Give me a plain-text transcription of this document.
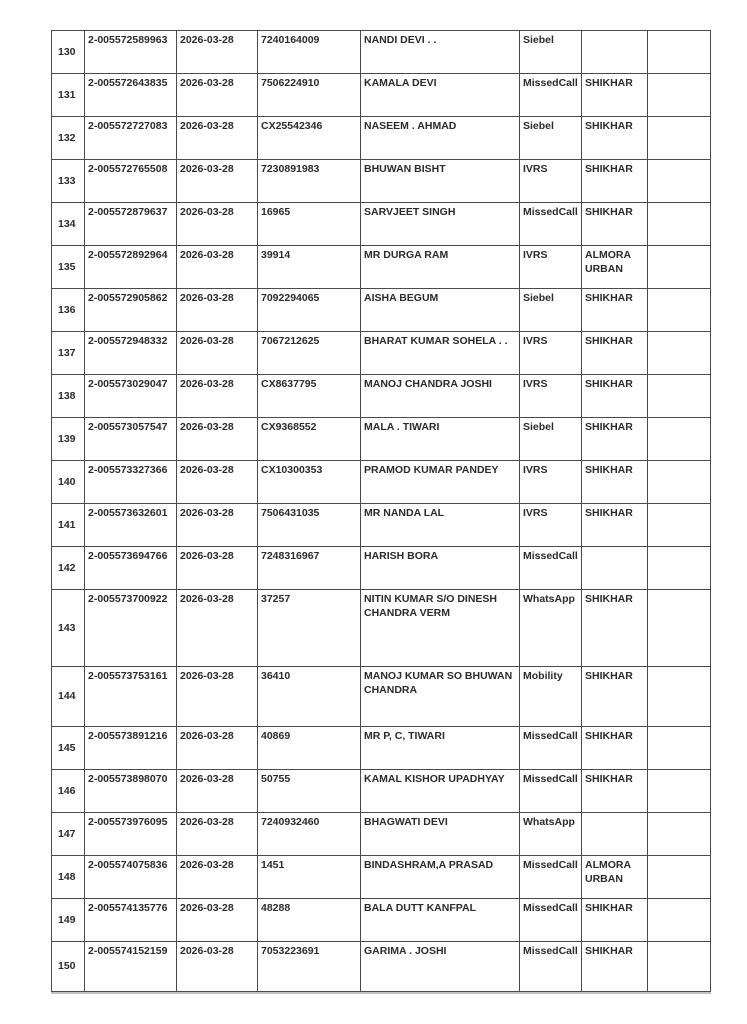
130	2-005572589963	2026-03-28	7240164009	NANDI DEVI . .	Siebel		
131	2-005572643835	2026-03-28	7506224910	KAMALA DEVI	MissedCall	SHIKHAR	
132	2-005572727083	2026-03-28	CX25542346	NASEEM . AHMAD	Siebel	SHIKHAR	
133	2-005572765508	2026-03-28	7230891983	BHUWAN BISHT	IVRS	SHIKHAR	
134	2-005572879637	2026-03-28	16965	SARVJEET SINGH	MissedCall	SHIKHAR	
135	2-005572892964	2026-03-28	39914	MR DURGA RAM	IVRS	ALMORA URBAN	
136	2-005572905862	2026-03-28	7092294065	AISHA BEGUM	Siebel	SHIKHAR	
137	2-005572948332	2026-03-28	7067212625	BHARAT KUMAR SOHELA . .	IVRS	SHIKHAR	
138	2-005573029047	2026-03-28	CX8637795	MANOJ CHANDRA JOSHI	IVRS	SHIKHAR	
139	2-005573057547	2026-03-28	CX9368552	MALA . TIWARI	Siebel	SHIKHAR	
140	2-005573327366	2026-03-28	CX10300353	PRAMOD KUMAR PANDEY	IVRS	SHIKHAR	
141	2-005573632601	2026-03-28	7506431035	MR NANDA LAL	IVRS	SHIKHAR	
142	2-005573694766	2026-03-28	7248316967	HARISH BORA	MissedCall		
143	2-005573700922	2026-03-28	37257	NITIN KUMAR S/O DINESH CHANDRA VERM	WhatsApp	SHIKHAR	
144	2-005573753161	2026-03-28	36410	MANOJ KUMAR SO BHUWAN CHANDRA	Mobility	SHIKHAR	
145	2-005573891216	2026-03-28	40869	MR P, C, TIWARI	MissedCall	SHIKHAR	
146	2-005573898070	2026-03-28	50755	KAMAL KISHOR UPADHYAY	MissedCall	SHIKHAR	
147	2-005573976095	2026-03-28	7240932460	BHAGWATI DEVI	WhatsApp		
148	2-005574075836	2026-03-28	1451	BINDASHRAM,A PRASAD	MissedCall	ALMORA URBAN	
149	2-005574135776	2026-03-28	48288	BALA DUTT KANFPAL	MissedCall	SHIKHAR	
150	2-005574152159	2026-03-28	7053223691	GARIMA . JOSHI	MissedCall	SHIKHAR	
